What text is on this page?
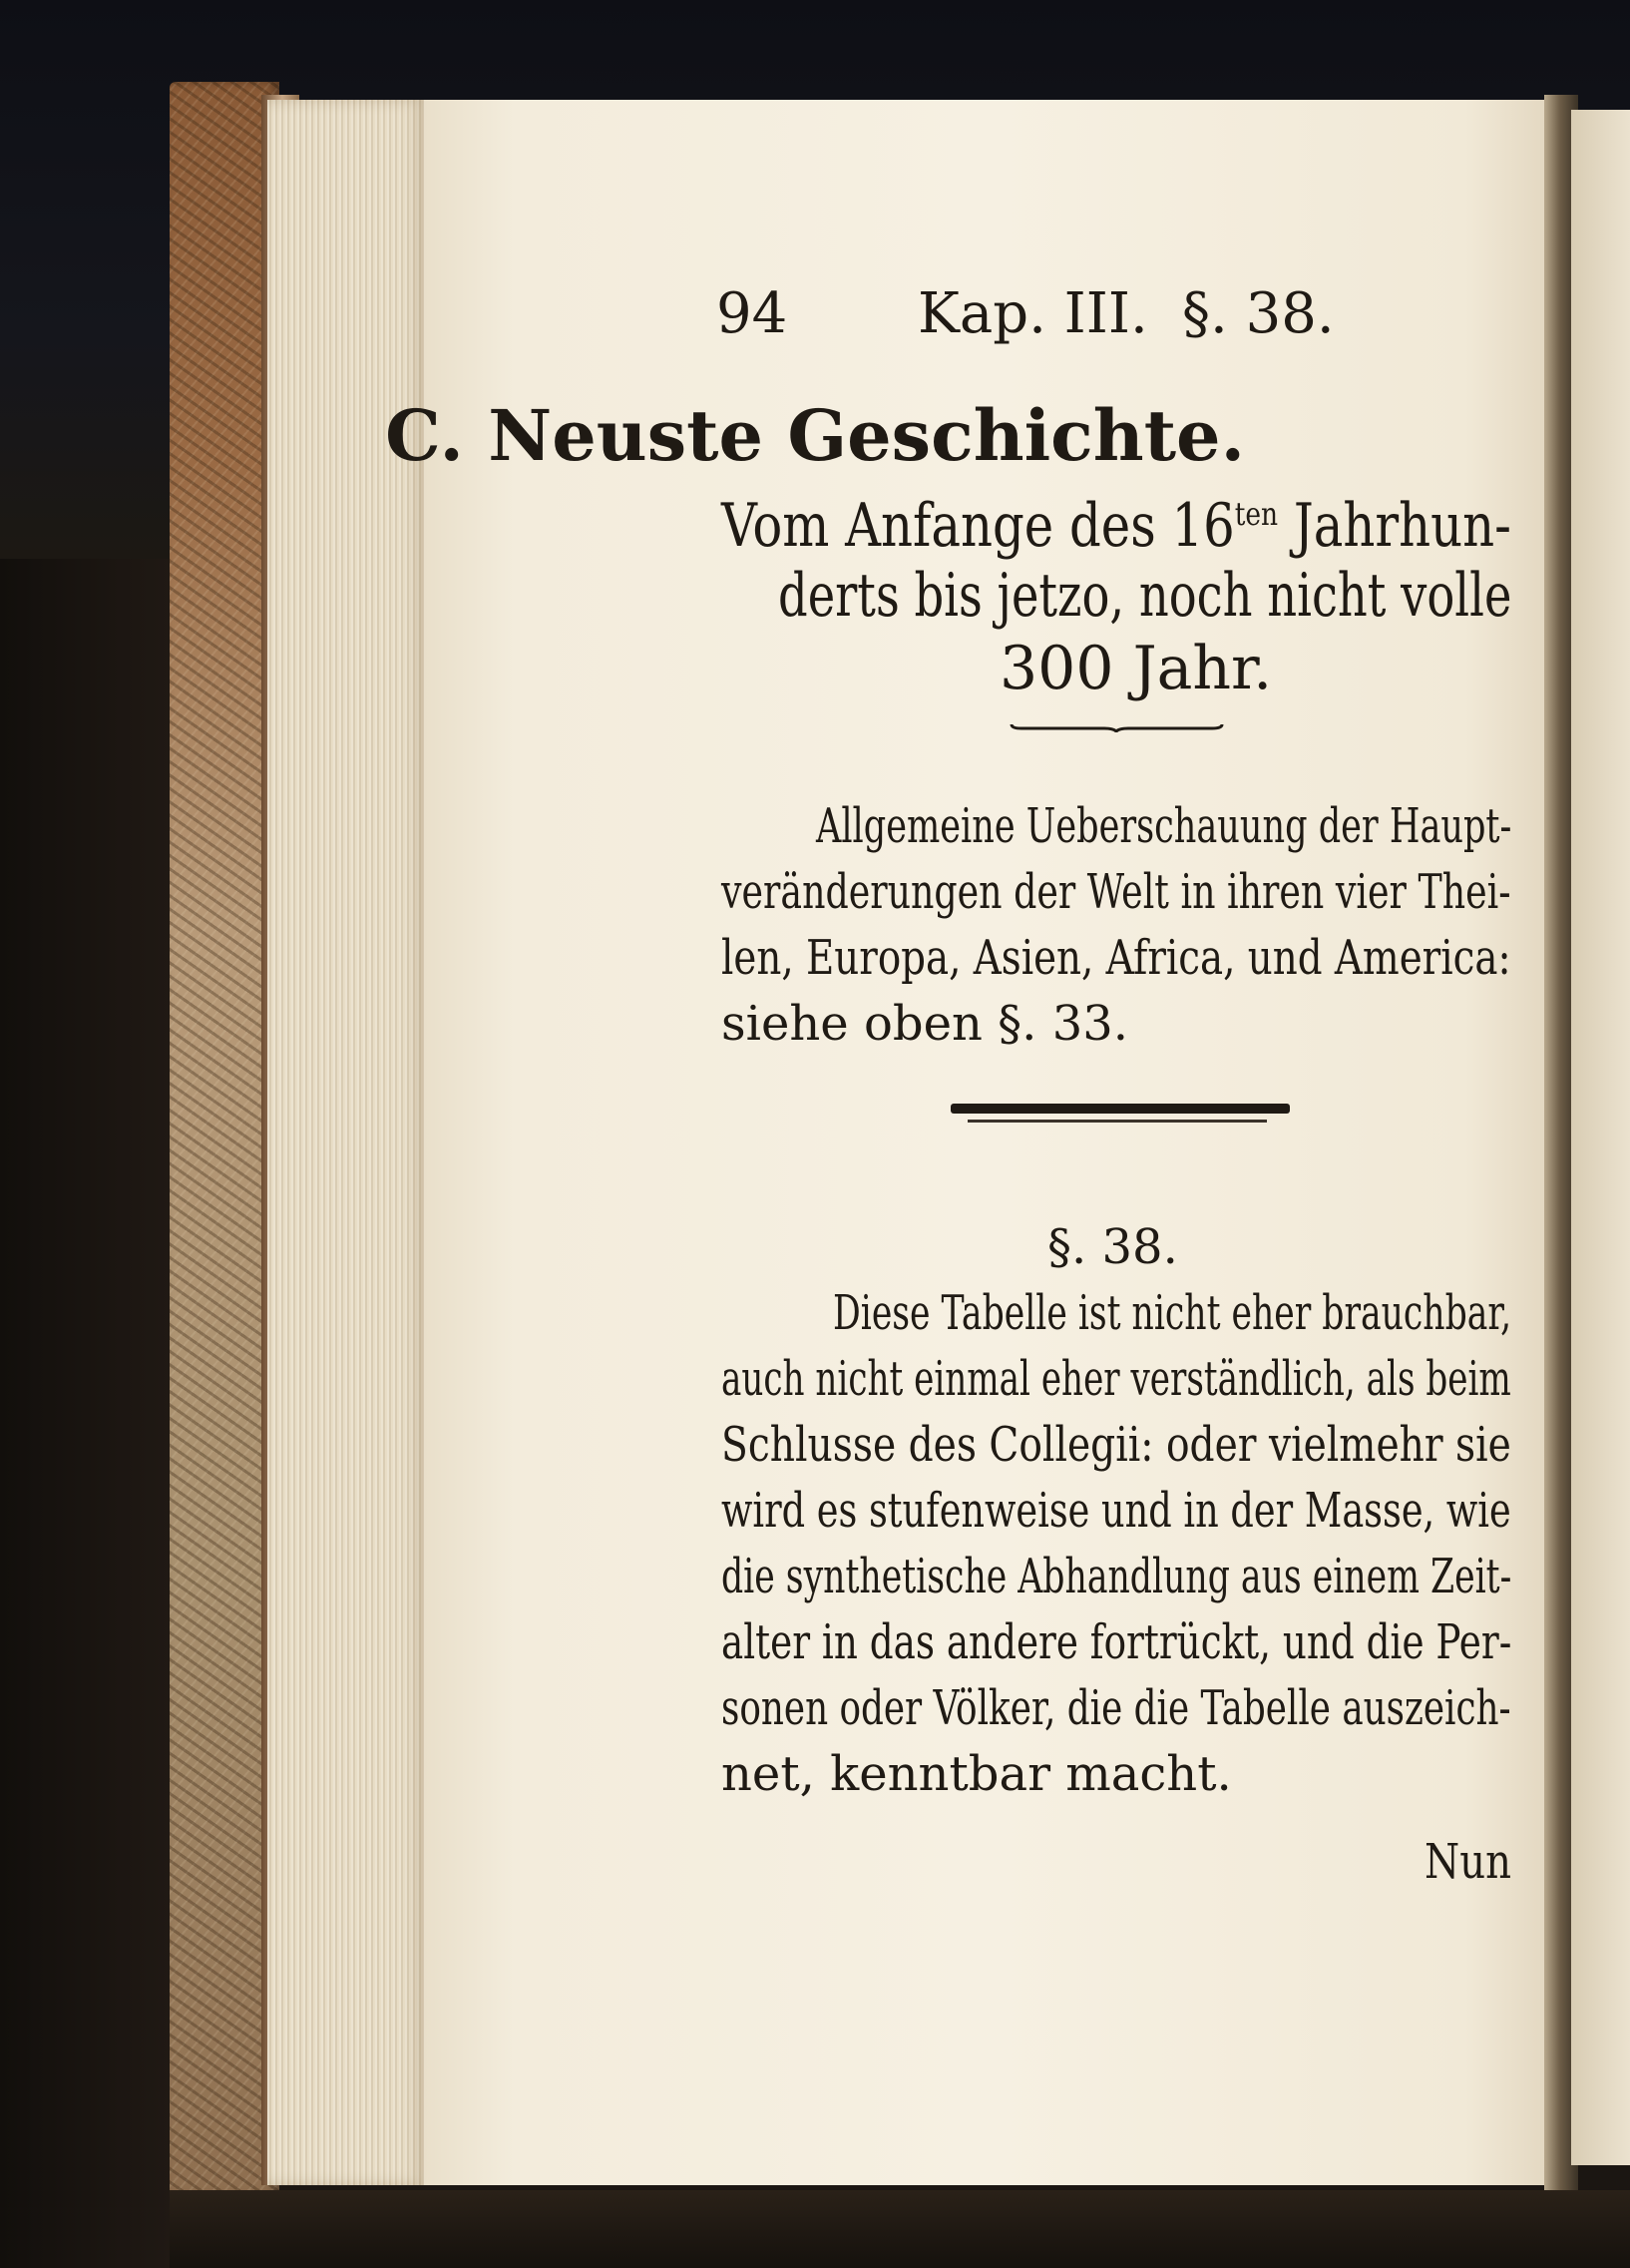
94 Kap. III. §. 38.
C. Neuste Geschichte.
Vom Anfange des $16^{ten}$ Jahrhun-
derts bis jetzo, noch nicht volle
300 Jahr.
Allgemeine Ueberschauung der Haupt-
veränderungen der Welt in ihren vier Thei-
len, Europa, Asien, Africa, und America:
siehe oben §. 33.
§. 38.
Diese Tabelle ist nicht eher brauchbar,
auch nicht einmal eher verständlich, als beim
Schlusse des Collegii: oder vielmehr sie
wird es stufenweise und in der Masse, wie
die synthetische Abhandlung aus einem Zeit-
alter in das andere fortrückt, und die Per-
sonen oder Völker, die die Tabelle auszeich-
net, kenntbar macht.
Nun
